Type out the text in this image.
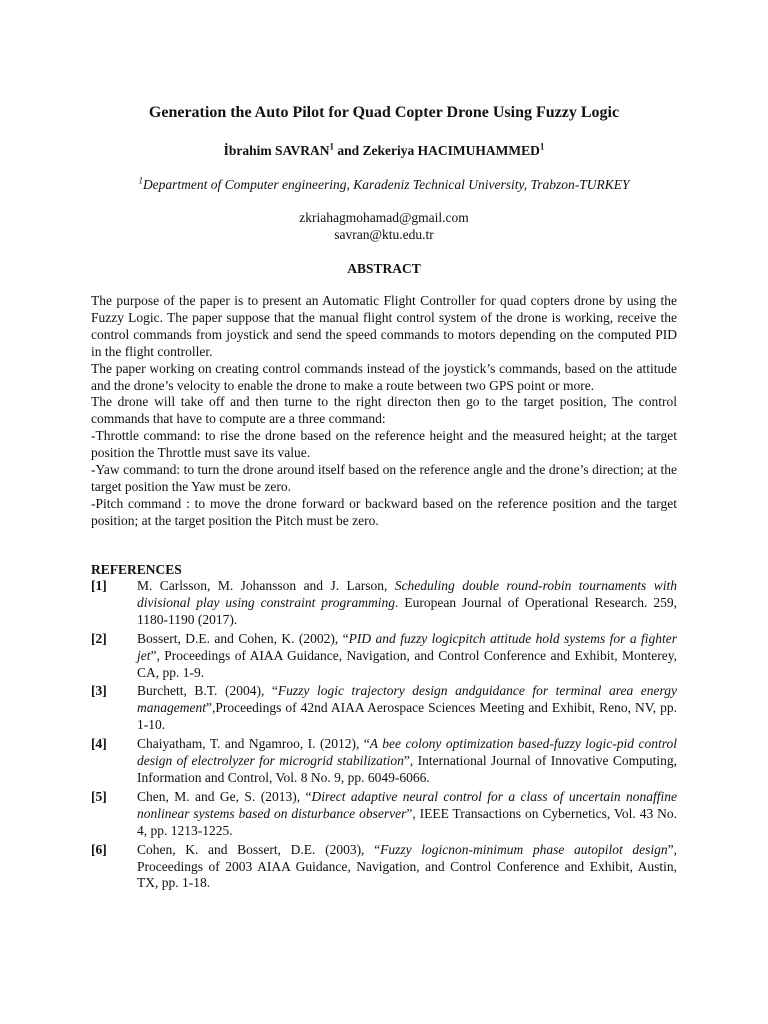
Generation the Auto Pilot for Quad Copter Drone Using Fuzzy Logic
İbrahim SAVRAN$^1$ and Zekeriya HACIMUHAMMED$^1$
$^1$Department of Computer engineering, Karadeniz Technical University, Trabzon-TURKEY
zkriahagmohamad@gmail.com
savran@ktu.edu.tr
ABSTRACT

The purpose of the paper is to present an Automatic Flight Controller for quad copters drone by using the Fuzzy Logic. The paper suppose that the manual flight control system of the drone is working, receive the control commands from joystick and send the speed commands to motors depending on the computed PID in the flight controller.

The paper working on creating control commands instead of the joystick’s commands, based on the attitude and the drone’s velocity to enable the drone to make a route between two GPS point or more.

The drone will take off and then turne to the right directon then go to the target position, The control commands that have to compute are a three command:

-Throttle command: to rise the drone based on the reference height and the measured height; at the target position the Throttle must save its value.

-Yaw command: to turn the drone around itself based on the reference angle and the drone’s direction; at the target position the Yaw must be zero.

-Pitch command : to move the drone forward or backward based on the reference position and the target position; at the target position the Pitch must be zero.

REFERENCES
[1]	M. Carlsson, M. Johansson and J. Larson, Scheduling double round-robin tournaments with divisional play using constraint programming. European Journal of Operational Research. 259, 1180-1190 (2017).
[2]	Bossert, D.E. and Cohen, K. (2002), “PID and fuzzy logicpitch attitude hold systems for a fighter jet”, Proceedings of AIAA Guidance, Navigation, and Control Conference and Exhibit, Monterey, CA, pp. 1-9.
[3]	Burchett, B.T. (2004), “Fuzzy logic trajectory design andguidance for terminal area energy management”,Proceedings of 42nd AIAA Aerospace Sciences Meeting and Exhibit, Reno, NV, pp. 1-10.
[4]	Chaiyatham, T. and Ngamroo, I. (2012), “A bee colony optimization based-fuzzy logic-pid control design of electrolyzer for microgrid stabilization”, International Journal of Innovative Computing, Information and Control, Vol. 8 No. 9, pp. 6049-6066.
[5]	Chen, M. and Ge, S. (2013), “Direct adaptive neural control for a class of uncertain nonaffine nonlinear systems based on disturbance observer”, IEEE Transactions on Cybernetics, Vol. 43 No. 4, pp. 1213-1225.
[6]	Cohen, K. and Bossert, D.E. (2003), “Fuzzy logicnon-minimum phase autopilot design”, Proceedings of 2003 AIAA Guidance, Navigation, and Control Conference and Exhibit, Austin, TX, pp. 1-18.
